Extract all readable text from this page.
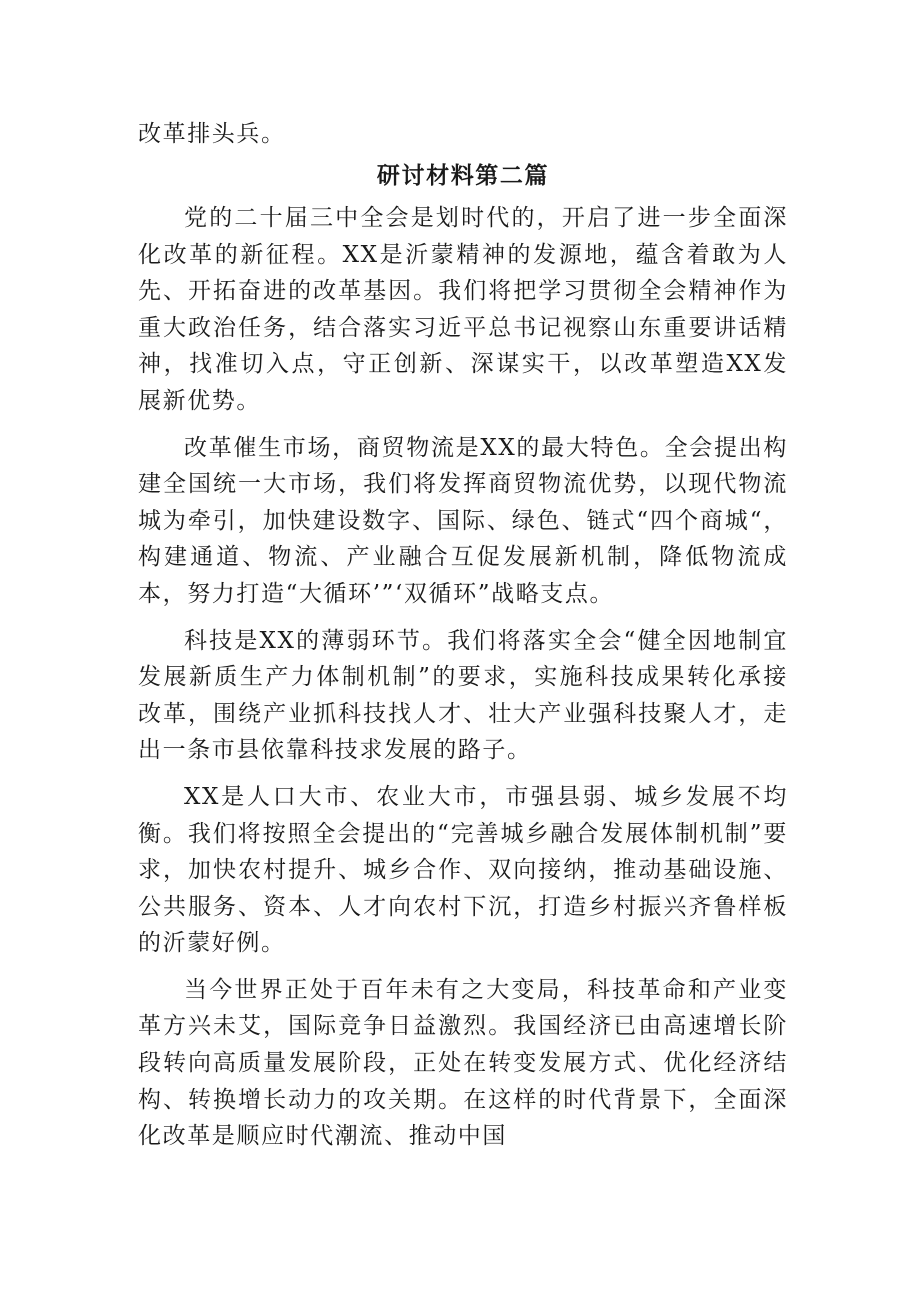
改革排头兵。

研讨材料第二篇

党的二十届三中全会是划时代的，开启了进一步全面深化改革的新征程。XX是沂蒙精神的发源地，蕴含着敢为人先、开拓奋进的改革基因。我们将把学习贯彻全会精神作为重大政治任务，结合落实习近平总书记视察山东重要讲话精神，找准切入点，守正创新、深谋实干，以改革塑造XX发展新优势。

改革催生市场，商贸物流是XX的最大特色。全会提出构建全国统一大市场，我们将发挥商贸物流优势，以现代物流城为牵引，加快建设数字、国际、绿色、链式“四个商城“，构建通道、物流、产业融合互促发展新机制，降低物流成本，努力打造“大循环’”‘双循环”战略支点。

科技是XX的薄弱环节。我们将落实全会“健全因地制宜发展新质生产力体制机制”的要求，实施科技成果转化承接改革，围绕产业抓科技找人才、壮大产业强科技聚人才，走出一条市县依靠科技求发展的路子。

XX是人口大市、农业大市，市强县弱、城乡发展不均衡。我们将按照全会提出的“完善城乡融合发展体制机制”要求，加快农村提升、城乡合作、双向接纳，推动基础设施、公共服务、资本、人才向农村下沉，打造乡村振兴齐鲁样板的沂蒙好例。

当今世界正处于百年未有之大变局，科技革命和产业变革方兴未艾，国际竞争日益激烈。我国经济已由高速增长阶段转向高质量发展阶段，正处在转变发展方式、优化经济结构、转换增长动力的攻关期。在这样的时代背景下，全面深化改革是顺应时代潮流、推动中国
